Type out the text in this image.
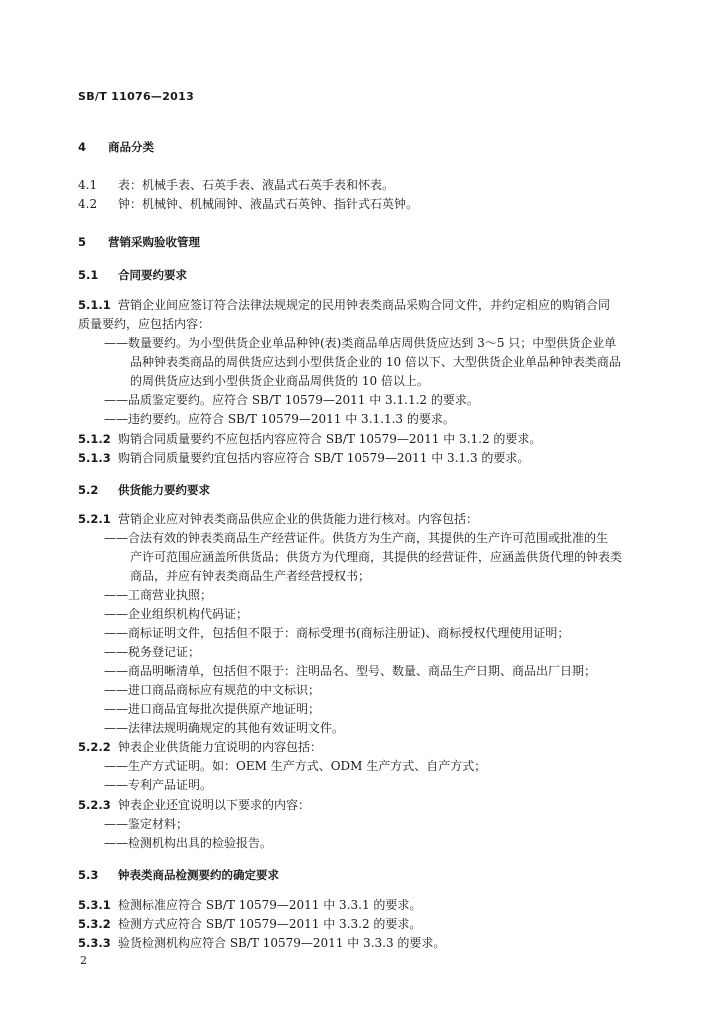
SB/T 11076—2013
4 商品分类
4.1 表：机械手表、石英手表、液晶式石英手表和怀表。
4.2 钟：机械钟、机械闹钟、液晶式石英钟、指针式石英钟。
5 营销采购验收管理
5.1 合同要约要求
5.1.1 营销企业间应签订符合法律法规规定的民用钟表类商品采购合同文件，并约定相应的购销合同
质量要约，应包括内容：
——数量要约。为小型供货企业单品种钟(表)类商品单店周供货应达到 3～5 只；中型供货企业单
品种钟表类商品的周供货应达到小型供货企业的 10 倍以下、大型供货企业单品种钟表类商品
的周供货应达到小型供货企业商品周供货的 10 倍以上。
——品质鉴定要约。应符合 SB/T 10579—2011 中 3.1.1.2 的要求。
——违约要约。应符合 SB/T 10579—2011 中 3.1.1.3 的要求。
5.1.2 购销合同质量要约不应包括内容应符合 SB/T 10579—2011 中 3.1.2 的要求。
5.1.3 购销合同质量要约宜包括内容应符合 SB/T 10579—2011 中 3.1.3 的要求。
5.2 供货能力要约要求
5.2.1 营销企业应对钟表类商品供应企业的供货能力进行核对。内容包括：
——合法有效的钟表类商品生产经营证件。供货方为生产商，其提供的生产许可范围或批准的生
产许可范围应涵盖所供货品；供货方为代理商，其提供的经营证件，应涵盖供货代理的钟表类
商品，并应有钟表类商品生产者经营授权书；
——工商营业执照；
——企业组织机构代码证；
——商标证明文件，包括但不限于：商标受理书(商标注册证)、商标授权代理使用证明；
——税务登记证；
——商品明晰清单，包括但不限于：注明品名、型号、数量、商品生产日期、商品出厂日期；
——进口商品商标应有规范的中文标识；
——进口商品宜每批次提供原产地证明；
——法律法规明确规定的其他有效证明文件。
5.2.2 钟表企业供货能力宜说明的内容包括：
——生产方式证明。如：OEM 生产方式、ODM 生产方式、自产方式；
——专利产品证明。
5.2.3 钟表企业还宜说明以下要求的内容：
——鉴定材料；
——检测机构出具的检验报告。
5.3 钟表类商品检测要约的确定要求
5.3.1 检测标准应符合 SB/T 10579—2011 中 3.3.1 的要求。
5.3.2 检测方式应符合 SB/T 10579—2011 中 3.3.2 的要求。
5.3.3 验货检测机构应符合 SB/T 10579—2011 中 3.3.3 的要求。
2
